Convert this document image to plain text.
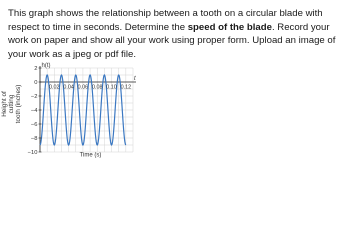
This graph shows the relationship between a tooth on a circular blade with respect to time in seconds. Determine the speed of the blade. Record your work on paper and show all your work using proper form. Upload an image of your work as a jpeg or pdf file.
Height of cutting tooth (inches)	0.02 0.04 0.06 0.08 0.10 0.12
2
0
−2
−4
−6
−8
−10
h(t)
t
Time (s)
